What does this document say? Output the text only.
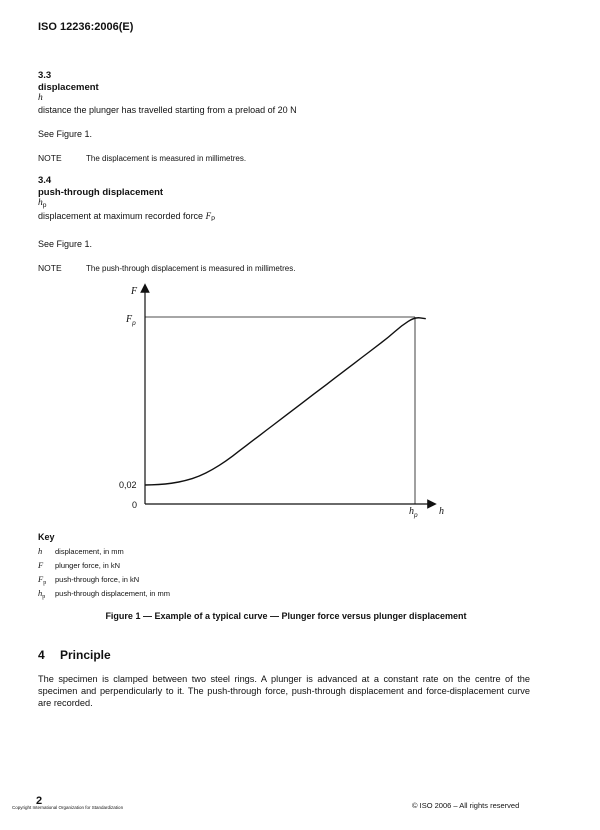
ISO 12236:2006(E)
3.3
displacement
h
distance the plunger has travelled starting from a preload of 20 N
See Figure 1.
NOTE	The displacement is measured in millimetres.
3.4
push-through displacement
$h_p$
displacement at maximum recorded force $F_P$
See Figure 1.
NOTE	The push-through displacement is measured in millimetres.
F
h
$F_p$
$h_p$
0,02
0
Key
h displacement, in mm
F plunger force, in kN
$F_p$ push-through force, in kN
$h_p$ push-through displacement, in mm
Figure 1 — Example of a typical curve — Plunger force versus plunger displacement
4 Principle
The specimen is clamped between two steel rings. A plunger is advanced at a constant rate on the centre of the specimen and perpendicularly to it. The push-through force, push-through displacement and force-displacement curve are recorded.
2
Copyright International Organization for Standardization	© ISO 2006 – All rights reserved
